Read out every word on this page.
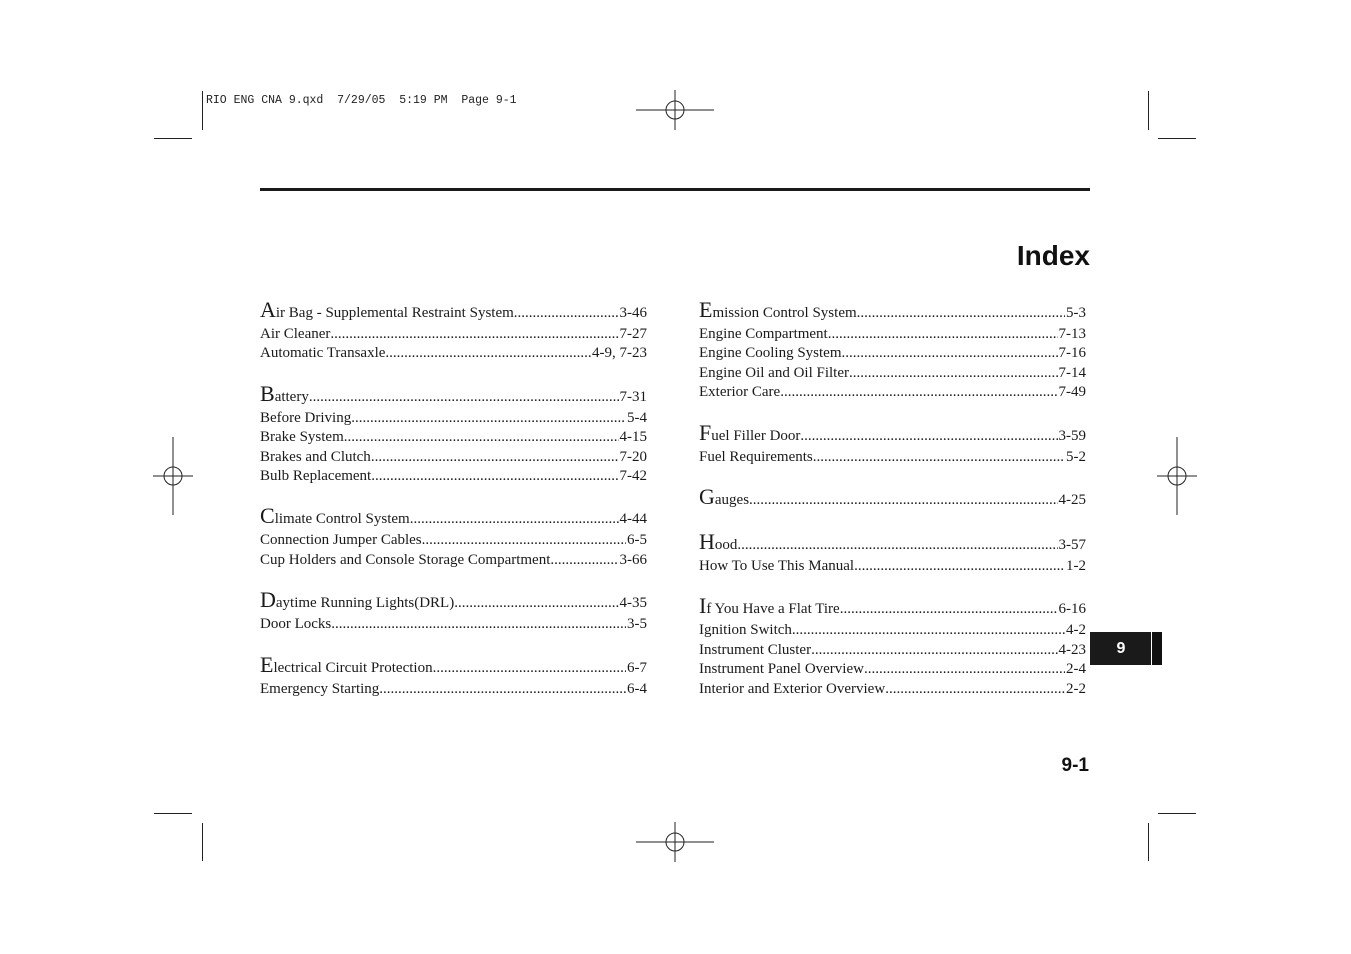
RIO ENG CNA 9.qxd  7/29/05  5:19 PM  Page 9-1
Index
Air Bag - Supplemental Restraint System .....	3-46
Air Cleaner .....	7-27
Automatic Transaxle .....	4-9, 7-23
Battery .....	7-31
Before Driving .....	5-4
Brake System .....	4-15
Brakes and Clutch .....	7-20
Bulb Replacement .....	7-42
Climate Control System .....	4-44
Connection Jumper Cables .....	6-5
Cup Holders and Console Storage Compartment .....	3-66
Daytime Running Lights(DRL) .....	4-35
Door Locks .....	3-5
Electrical Circuit Protection .....	6-7
Emergency Starting .....	6-4
Emission Control System .....	5-3
Engine Compartment .....	7-13
Engine Cooling System .....	7-16
Engine Oil and Oil Filter .....	7-14
Exterior Care .....	7-49
Fuel Filler Door .....	3-59
Fuel Requirements .....	5-2
Gauges .....	4-25
Hood .....	3-57
How To Use This Manual .....	1-2
If You Have a Flat Tire .....	6-16
Ignition Switch .....	4-2
Instrument Cluster .....	4-23
Instrument Panel Overview .....	2-4
Interior and Exterior Overview .....	2-2
9
9-1
